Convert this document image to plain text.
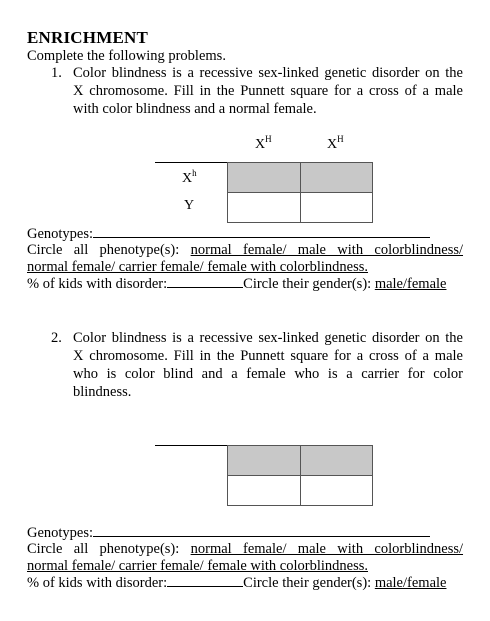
ENRICHMENT
Complete the following problems.
1. Color blindness is a recessive sex-linked genetic disorder on the
X chromosome. Fill in the Punnett square for a cross of a male
with color blindness and a normal female.
$X^H$	$X^H$
$X^h$
Y
Genotypes:
Circle all phenotype(s): normal female/ male with colorblindness/
normal female/ carrier female/ female with colorblindness.
% of kids with disorder:	Circle their gender(s): male/female
2. Color blindness is a recessive sex-linked genetic disorder on the
X chromosome. Fill in the Punnett square for a cross of a male
who is color blind and a female who is a carrier for color
blindness.
Genotypes:
Circle all phenotype(s): normal female/ male with colorblindness/
normal female/ carrier female/ female with colorblindness.
% of kids with disorder:	Circle their gender(s): male/female
